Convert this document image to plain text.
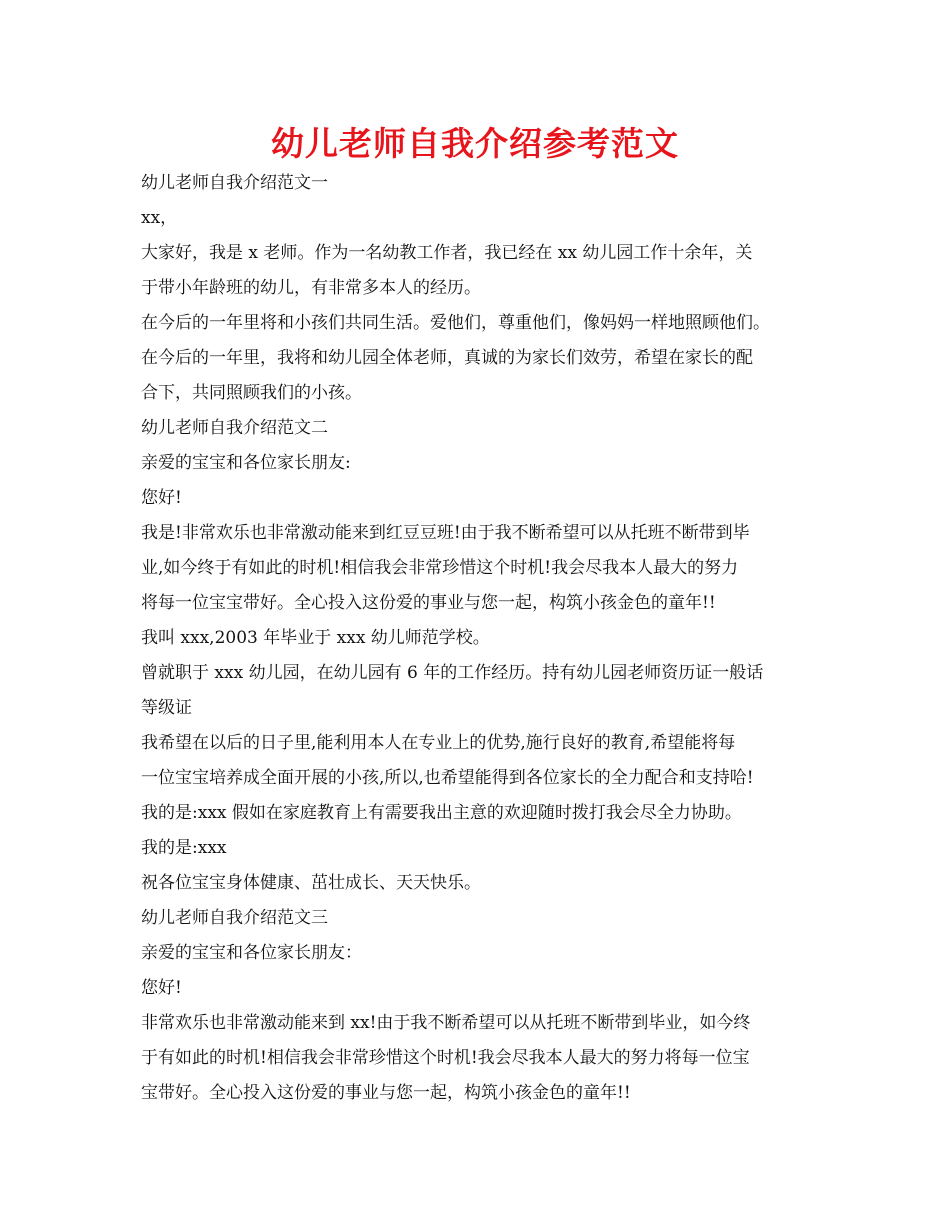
幼儿老师自我介绍参考范文
幼儿老师自我介绍范文一
xx，
大家好，我是 x 老师。作为一名幼教工作者，我已经在 xx 幼儿园工作十余年，关
于带小年龄班的幼儿，有非常多本人的经历。
在今后的一年里将和小孩们共同生活。爱他们，尊重他们，像妈妈一样地照顾他们。
在今后的一年里，我将和幼儿园全体老师，真诚的为家长们效劳，希望在家长的配
合下，共同照顾我们的小孩。
幼儿老师自我介绍范文二
亲爱的宝宝和各位家长朋友:
您好!
我是!非常欢乐也非常激动能来到红豆豆班!由于我不断希望可以从托班不断带到毕
业,如今终于有如此的时机!相信我会非常珍惜这个时机!我会尽我本人最大的努力
将每一位宝宝带好。全心投入这份爱的事业与您一起，构筑小孩金色的童年!!
我叫 xxx,2003 年毕业于 xxx 幼儿师范学校。
曾就职于 xxx 幼儿园，在幼儿园有 6 年的工作经历。持有幼儿园老师资历证一般话
等级证
我希望在以后的日子里,能利用本人在专业上的优势,施行良好的教育,希望能将每
一位宝宝培养成全面开展的小孩,所以,也希望能得到各位家长的全力配合和支持哈!
我的是:xxx 假如在家庭教育上有需要我出主意的欢迎随时拨打我会尽全力协助。
我的是:xxx
祝各位宝宝身体健康、茁壮成长、天天快乐。
幼儿老师自我介绍范文三
亲爱的宝宝和各位家长朋友：
您好!
非常欢乐也非常激动能来到 xx!由于我不断希望可以从托班不断带到毕业，如今终
于有如此的时机!相信我会非常珍惜这个时机!我会尽我本人最大的努力将每一位宝
宝带好。全心投入这份爱的事业与您一起，构筑小孩金色的童年!!
